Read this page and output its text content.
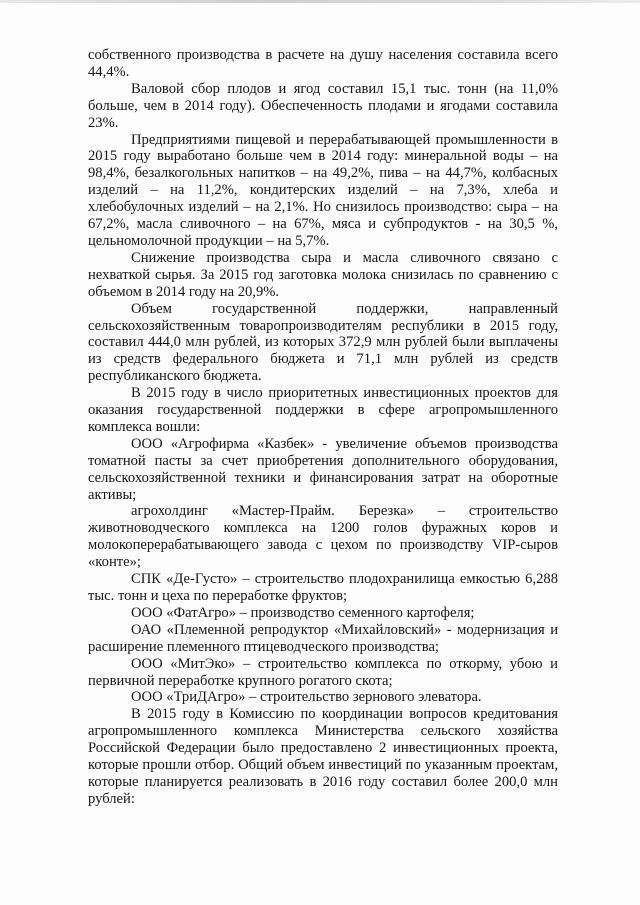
собственного производства в расчете на душу населения составила всего 44,4%.

Валовой сбор плодов и ягод составил 15,1 тыс. тонн (на 11,0% больше, чем в 2014 году). Обеспеченность плодами и ягодами составила 23%.

Предприятиями пищевой и перерабатывающей промышленности в 2015 году выработано больше чем в 2014 году: минеральной воды – на 98,4%, безалкогольных напитков – на 49,2%, пива – на 44,7%, колбасных изделий – на 11,2%, кондитерских изделий – на 7,3%, хлеба и хлебобулочных изделий – на 2,1%. Но снизилось производство: сыра – на 67,2%, масла сливочного – на 67%, мяса и субпродуктов - на 30,5 %, цельномолочной продукции – на 5,7%.

Снижение производства сыра и масла сливочного связано с нехваткой сырья. За 2015 год заготовка молока снизилась по сравнению с объемом в 2014 году на 20,9%.

Объем государственной поддержки, направленный сельскохозяйственным товаропроизводителям республики в 2015 году, составил 444,0 млн рублей, из которых 372,9 млн рублей были выплачены из средств федерального бюджета и 71,1 млн рублей из средств республиканского бюджета.

В 2015 году в число приоритетных инвестиционных проектов для оказания государственной поддержки в сфере агропромышленного комплекса вошли:

ООО «Агрофирма «Казбек» - увеличение объемов производства томатной пасты за счет приобретения дополнительного оборудования, сельскохозяйственной техники и финансирования затрат на оборотные активы;

агрохолдинг «Мастер-Прайм. Березка» – строительство животноводческого комплекса на 1200 голов фуражных коров и молокоперерабатывающего завода с цехом по производству VIP-сыров «конте»;

СПК «Де-Густо» – строительство плодохранилища емкостью 6,288 тыс. тонн и цеха по переработке фруктов;

ООО «ФатАгро» – производство семенного картофеля;

ОАО «Племенной репродуктор «Михайловский» - модернизация и расширение племенного птицеводческого производства;

ООО «МитЭко» – строительство комплекса по откорму, убою и первичной переработке крупного рогатого скота;

ООО «ТриДАгро» – строительство зернового элеватора.

В 2015 году в Комиссию по координации вопросов кредитования агропромышленного комплекса Министерства сельского хозяйства Российской Федерации было предоставлено 2 инвестиционных проекта, которые прошли отбор. Общий объем инвестиций по указанным проектам, которые планируется реализовать в 2016 году составил более 200,0 млн рублей:
